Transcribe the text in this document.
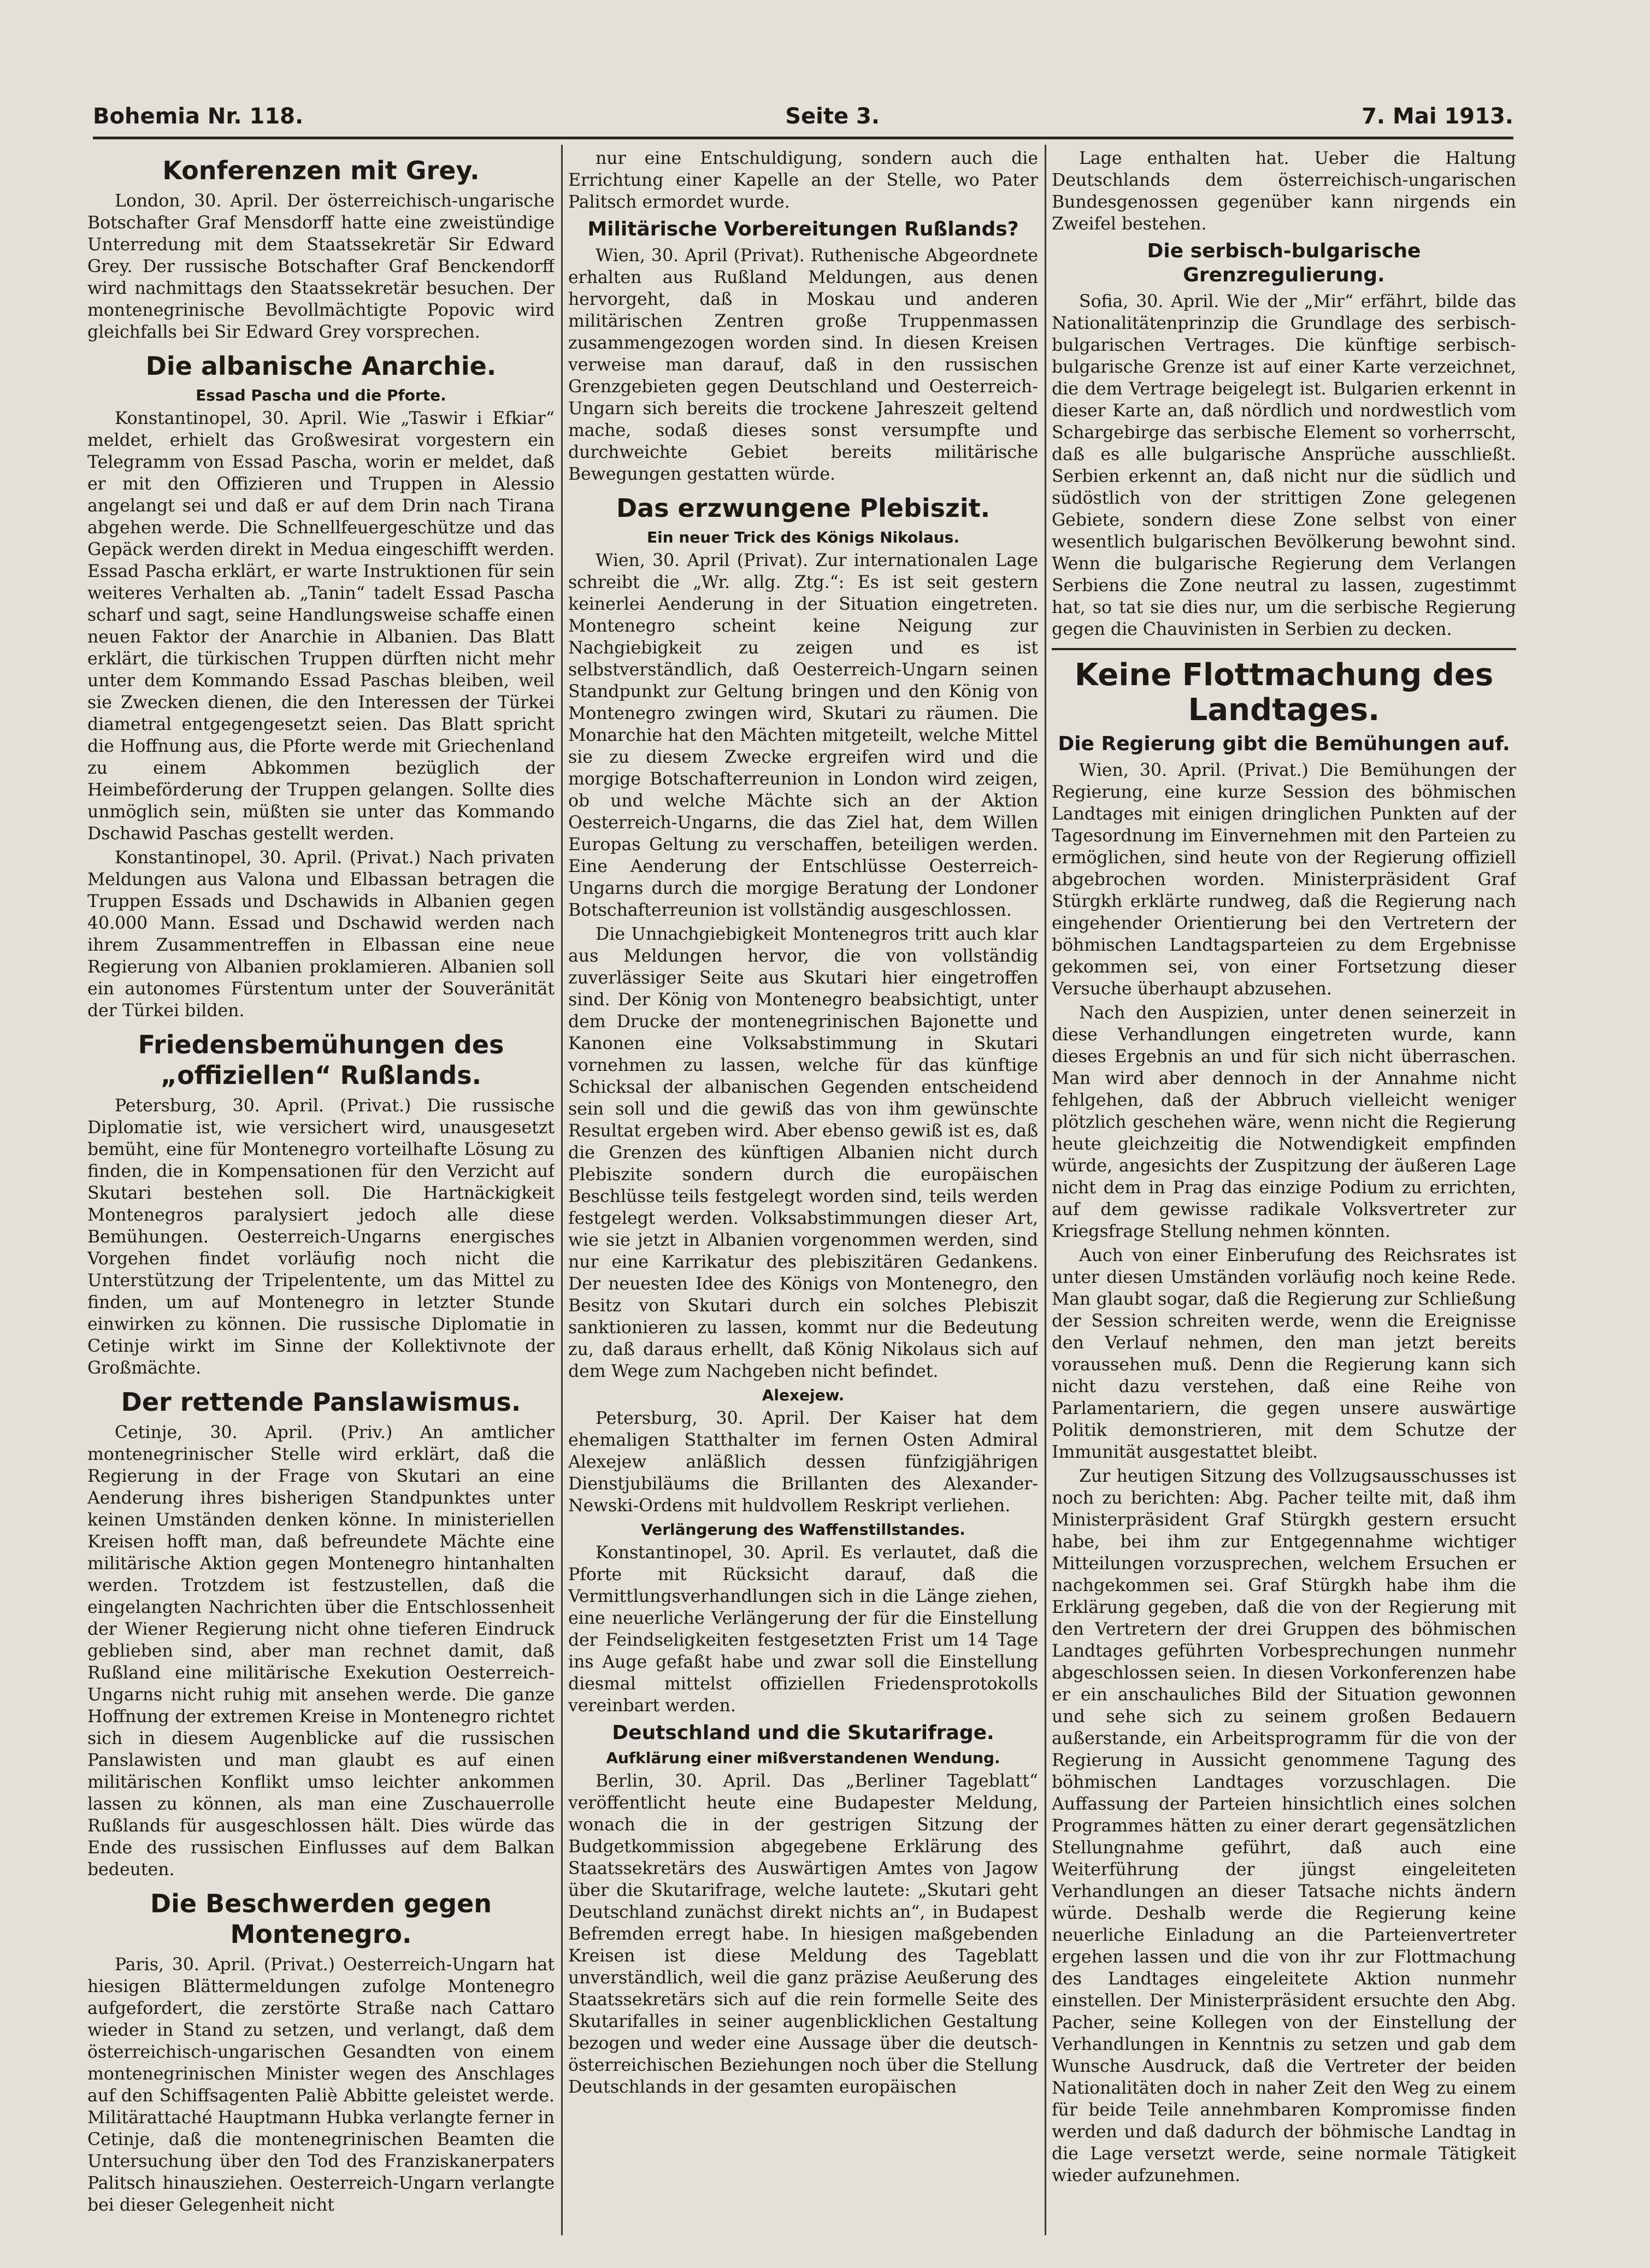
Bohemia Nr. 118.	Seite 3.	7. Mai 1913.
Konferenzen mit Grey.

London, 30. April. Der österreichisch-ungarische Botschafter Graf Mensdorff hatte eine zweistündige Unterredung mit dem Staatssekretär Sir Edward Grey. Der russische Botschafter Graf Benckendorff wird nachmittags den Staatssekretär besuchen. Der montenegrinische Bevollmächtigte Popovic wird gleichfalls bei Sir Edward Grey vorsprechen.

Die albanische Anarchie.
Essad Pascha und die Pforte.

Konstantinopel, 30. April. Wie „Taswir i Efkiar“ meldet, erhielt das Großwesirat vorgestern ein Telegramm von Essad Pascha, worin er meldet, daß er mit den Offizieren und Truppen in Alessio angelangt sei und daß er auf dem Drin nach Tirana abgehen werde. Die Schnellfeuergeschütze und das Gepäck werden direkt in Medua eingeschifft werden. Essad Pascha erklärt, er warte Instruktionen für sein weiteres Verhalten ab. „Tanin“ tadelt Essad Pascha scharf und sagt, seine Handlungsweise schaffe einen neuen Faktor der Anarchie in Albanien. Das Blatt erklärt, die türkischen Truppen dürften nicht mehr unter dem Kommando Essad Paschas bleiben, weil sie Zwecken dienen, die den Interessen der Türkei diametral entgegengesetzt seien. Das Blatt spricht die Hoffnung aus, die Pforte werde mit Griechenland zu einem Abkommen bezüglich der Heimbeförderung der Truppen gelangen. Sollte dies unmöglich sein, müßten sie unter das Kommando Dschawid Paschas gestellt werden.

Konstantinopel, 30. April. (Privat.) Nach privaten Meldungen aus Valona und Elbassan betragen die Truppen Essads und Dschawids in Albanien gegen 40.000 Mann. Essad und Dschawid werden nach ihrem Zusammentreffen in Elbassan eine neue Regierung von Albanien proklamieren. Albanien soll ein autonomes Fürstentum unter der Souveränität der Türkei bilden.

Friedensbemühungen des „offiziellen“ Rußlands.

Petersburg, 30. April. (Privat.) Die russische Diplomatie ist, wie versichert wird, unausgesetzt bemüht, eine für Montenegro vorteilhafte Lösung zu finden, die in Kompensationen für den Verzicht auf Skutari bestehen soll. Die Hartnäckigkeit Montenegros paralysiert jedoch alle diese Bemühungen. Oesterreich-Ungarns energisches Vorgehen findet vorläufig noch nicht die Unterstützung der Tripelentente, um das Mittel zu finden, um auf Montenegro in letzter Stunde einwirken zu können. Die russische Diplomatie in Cetinje wirkt im Sinne der Kollektivnote der Großmächte.

Der rettende Panslawismus.

Cetinje, 30. April. (Priv.) An amtlicher montenegrinischer Stelle wird erklärt, daß die Regierung in der Frage von Skutari an eine Aenderung ihres bisherigen Standpunktes unter keinen Umständen denken könne. In ministeriellen Kreisen hofft man, daß befreundete Mächte eine militärische Aktion gegen Montenegro hintanhalten werden. Trotzdem ist festzustellen, daß die eingelangten Nachrichten über die Entschlossenheit der Wiener Regierung nicht ohne tieferen Eindruck geblieben sind, aber man rechnet damit, daß Rußland eine militärische Exekution Oesterreich-Ungarns nicht ruhig mit ansehen werde. Die ganze Hoffnung der extremen Kreise in Montenegro richtet sich in diesem Augenblicke auf die russischen Panslawisten und man glaubt es auf einen militärischen Konflikt umso leichter ankommen lassen zu können, als man eine Zuschauerrolle Rußlands für ausgeschlossen hält. Dies würde das Ende des russischen Einflusses auf dem Balkan bedeuten.

Die Beschwerden gegen Montenegro.

Paris, 30. April. (Privat.) Oesterreich-Ungarn hat hiesigen Blättermeldungen zufolge Montenegro aufgefordert, die zerstörte Straße nach Cattaro wieder in Stand zu setzen, und verlangt, daß dem österreichisch-ungarischen Gesandten von einem montenegrinischen Minister wegen des Anschlages auf den Schiffsagenten Paliè Abbitte geleistet werde. Militärattaché Hauptmann Hubka verlangte ferner in Cetinje, daß die montenegrinischen Beamten die Untersuchung über den Tod des Franziskanerpaters Palitsch hinausziehen. Oesterreich-Ungarn verlangte bei dieser Gelegenheit nicht

nur eine Entschuldigung, sondern auch die Errichtung einer Kapelle an der Stelle, wo Pater Palitsch ermordet wurde.

Militärische Vorbereitungen Rußlands?

Wien, 30. April (Privat). Ruthenische Abgeordnete erhalten aus Rußland Meldungen, aus denen hervorgeht, daß in Moskau und anderen militärischen Zentren große Truppenmassen zusammengezogen worden sind. In diesen Kreisen verweise man darauf, daß in den russischen Grenzgebieten gegen Deutschland und Oesterreich-Ungarn sich bereits die trockene Jahreszeit geltend mache, sodaß dieses sonst versumpfte und durchweichte Gebiet bereits militärische Bewegungen gestatten würde.

Das erzwungene Plebiszit.
Ein neuer Trick des Königs Nikolaus.

Wien, 30. April (Privat). Zur internationalen Lage schreibt die „Wr. allg. Ztg.“: Es ist seit gestern keinerlei Aenderung in der Situation eingetreten. Montenegro scheint keine Neigung zur Nachgiebigkeit zu zeigen und es ist selbstverständlich, daß Oesterreich-Ungarn seinen Standpunkt zur Geltung bringen und den König von Montenegro zwingen wird, Skutari zu räumen. Die Monarchie hat den Mächten mitgeteilt, welche Mittel sie zu diesem Zwecke ergreifen wird und die morgige Botschafterreunion in London wird zeigen, ob und welche Mächte sich an der Aktion Oesterreich-Ungarns, die das Ziel hat, dem Willen Europas Geltung zu verschaffen, beteiligen werden. Eine Aenderung der Entschlüsse Oesterreich-Ungarns durch die morgige Beratung der Londoner Botschafterreunion ist vollständig ausgeschlossen.

Die Unnachgiebigkeit Montenegros tritt auch klar aus Meldungen hervor, die von vollständig zuverlässiger Seite aus Skutari hier eingetroffen sind. Der König von Montenegro beabsichtigt, unter dem Drucke der montenegrinischen Bajonette und Kanonen eine Volksabstimmung in Skutari vornehmen zu lassen, welche für das künftige Schicksal der albanischen Gegenden entscheidend sein soll und die gewiß das von ihm gewünschte Resultat ergeben wird. Aber ebenso gewiß ist es, daß die Grenzen des künftigen Albanien nicht durch Plebiszite sondern durch die europäischen Beschlüsse teils festgelegt worden sind, teils werden festgelegt werden. Volksabstimmungen dieser Art, wie sie jetzt in Albanien vorgenommen werden, sind nur eine Karrikatur des plebiszitären Gedankens. Der neuesten Idee des Königs von Montenegro, den Besitz von Skutari durch ein solches Plebiszit sanktionieren zu lassen, kommt nur die Bedeutung zu, daß daraus erhellt, daß König Nikolaus sich auf dem Wege zum Nachgeben nicht befindet.

Alexejew.

Petersburg, 30. April. Der Kaiser hat dem ehemaligen Statthalter im fernen Osten Admiral Alexejew anläßlich dessen fünfzigjährigen Dienstjubiläums die Brillanten des Alexander-Newski-Ordens mit huldvollem Reskript verliehen.

Verlängerung des Waffenstillstandes.

Konstantinopel, 30. April. Es verlautet, daß die Pforte mit Rücksicht darauf, daß die Vermittlungsverhandlungen sich in die Länge ziehen, eine neuerliche Verlängerung der für die Einstellung der Feindseligkeiten festgesetzten Frist um 14 Tage ins Auge gefaßt habe und zwar soll die Einstellung diesmal mittelst offiziellen Friedensprotokolls vereinbart werden.

Deutschland und die Skutarifrage.
Aufklärung einer mißverstandenen Wendung.

Berlin, 30. April. Das „Berliner Tageblatt“ veröffentlicht heute eine Budapester Meldung, wonach die in der gestrigen Sitzung der Budgetkommission abgegebene Erklärung des Staatssekretärs des Auswärtigen Amtes von Jagow über die Skutarifrage, welche lautete: „Skutari geht Deutschland zunächst direkt nichts an“, in Budapest Befremden erregt habe. In hiesigen maßgebenden Kreisen ist diese Meldung des Tageblatt unverständlich, weil die ganz präzise Aeußerung des Staatssekretärs sich auf die rein formelle Seite des Skutarifalles in seiner augenblicklichen Gestaltung bezogen und weder eine Aussage über die deutsch-österreichischen Beziehungen noch über die Stellung Deutschlands in der gesamten europäischen

Lage enthalten hat. Ueber die Haltung Deutschlands dem österreichisch-ungarischen Bundesgenossen gegenüber kann nirgends ein Zweifel bestehen.

Die serbisch-bulgarische Grenzregulierung.

Sofia, 30. April. Wie der „Mir“ erfährt, bilde das Nationalitätenprinzip die Grundlage des serbisch-bulgarischen Vertrages. Die künftige serbisch-bulgarische Grenze ist auf einer Karte verzeichnet, die dem Vertrage beigelegt ist. Bulgarien erkennt in dieser Karte an, daß nördlich und nordwestlich vom Schargebirge das serbische Element so vorherrscht, daß es alle bulgarische Ansprüche ausschließt. Serbien erkennt an, daß nicht nur die südlich und südöstlich von der strittigen Zone gelegenen Gebiete, sondern diese Zone selbst von einer wesentlich bulgarischen Bevölkerung bewohnt sind. Wenn die bulgarische Regierung dem Verlangen Serbiens die Zone neutral zu lassen, zugestimmt hat, so tat sie dies nur, um die serbische Regierung gegen die Chauvinisten in Serbien zu decken.

Keine Flottmachung des Landtages.
Die Regierung gibt die Bemühungen auf.

Wien, 30. April. (Privat.) Die Bemühungen der Regierung, eine kurze Session des böhmischen Landtages mit einigen dringlichen Punkten auf der Tagesordnung im Einvernehmen mit den Parteien zu ermöglichen, sind heute von der Regierung offiziell abgebrochen worden. Ministerpräsident Graf Stürgkh erklärte rundweg, daß die Regierung nach eingehender Orientierung bei den Vertretern der böhmischen Landtagsparteien zu dem Ergebnisse gekommen sei, von einer Fortsetzung dieser Versuche überhaupt abzusehen.

Nach den Auspizien, unter denen seinerzeit in diese Verhandlungen eingetreten wurde, kann dieses Ergebnis an und für sich nicht überraschen. Man wird aber dennoch in der Annahme nicht fehlgehen, daß der Abbruch vielleicht weniger plötzlich geschehen wäre, wenn nicht die Regierung heute gleichzeitig die Notwendigkeit empfinden würde, angesichts der Zuspitzung der äußeren Lage nicht dem in Prag das einzige Podium zu errichten, auf dem gewisse radikale Volksvertreter zur Kriegsfrage Stellung nehmen könnten.

Auch von einer Einberufung des Reichsrates ist unter diesen Umständen vorläufig noch keine Rede. Man glaubt sogar, daß die Regierung zur Schließung der Session schreiten werde, wenn die Ereignisse den Verlauf nehmen, den man jetzt bereits voraussehen muß. Denn die Regierung kann sich nicht dazu verstehen, daß eine Reihe von Parlamentariern, die gegen unsere auswärtige Politik demonstrieren, mit dem Schutze der Immunität ausgestattet bleibt.

Zur heutigen Sitzung des Vollzugsausschusses ist noch zu berichten: Abg. Pacher teilte mit, daß ihm Ministerpräsident Graf Stürgkh gestern ersucht habe, bei ihm zur Entgegennahme wichtiger Mitteilungen vorzusprechen, welchem Ersuchen er nachgekommen sei. Graf Stürgkh habe ihm die Erklärung gegeben, daß die von der Regierung mit den Vertretern der drei Gruppen des böhmischen Landtages geführten Vorbesprechungen nunmehr abgeschlossen seien. In diesen Vorkonferenzen habe er ein anschauliches Bild der Situation gewonnen und sehe sich zu seinem großen Bedauern außerstande, ein Arbeitsprogramm für die von der Regierung in Aussicht genommene Tagung des böhmischen Landtages vorzuschlagen. Die Auffassung der Parteien hinsichtlich eines solchen Programmes hätten zu einer derart gegensätzlichen Stellungnahme geführt, daß auch eine Weiterführung der jüngst eingeleiteten Verhandlungen an dieser Tatsache nichts ändern würde. Deshalb werde die Regierung keine neuerliche Einladung an die Parteienvertreter ergehen lassen und die von ihr zur Flottmachung des Landtages eingeleitete Aktion nunmehr einstellen. Der Ministerpräsident ersuchte den Abg. Pacher, seine Kollegen von der Einstellung der Verhandlungen in Kenntnis zu setzen und gab dem Wunsche Ausdruck, daß die Vertreter der beiden Nationalitäten doch in naher Zeit den Weg zu einem für beide Teile annehmbaren Kompromisse finden werden und daß dadurch der böhmische Landtag in die Lage versetzt werde, seine normale Tätigkeit wieder aufzunehmen.
